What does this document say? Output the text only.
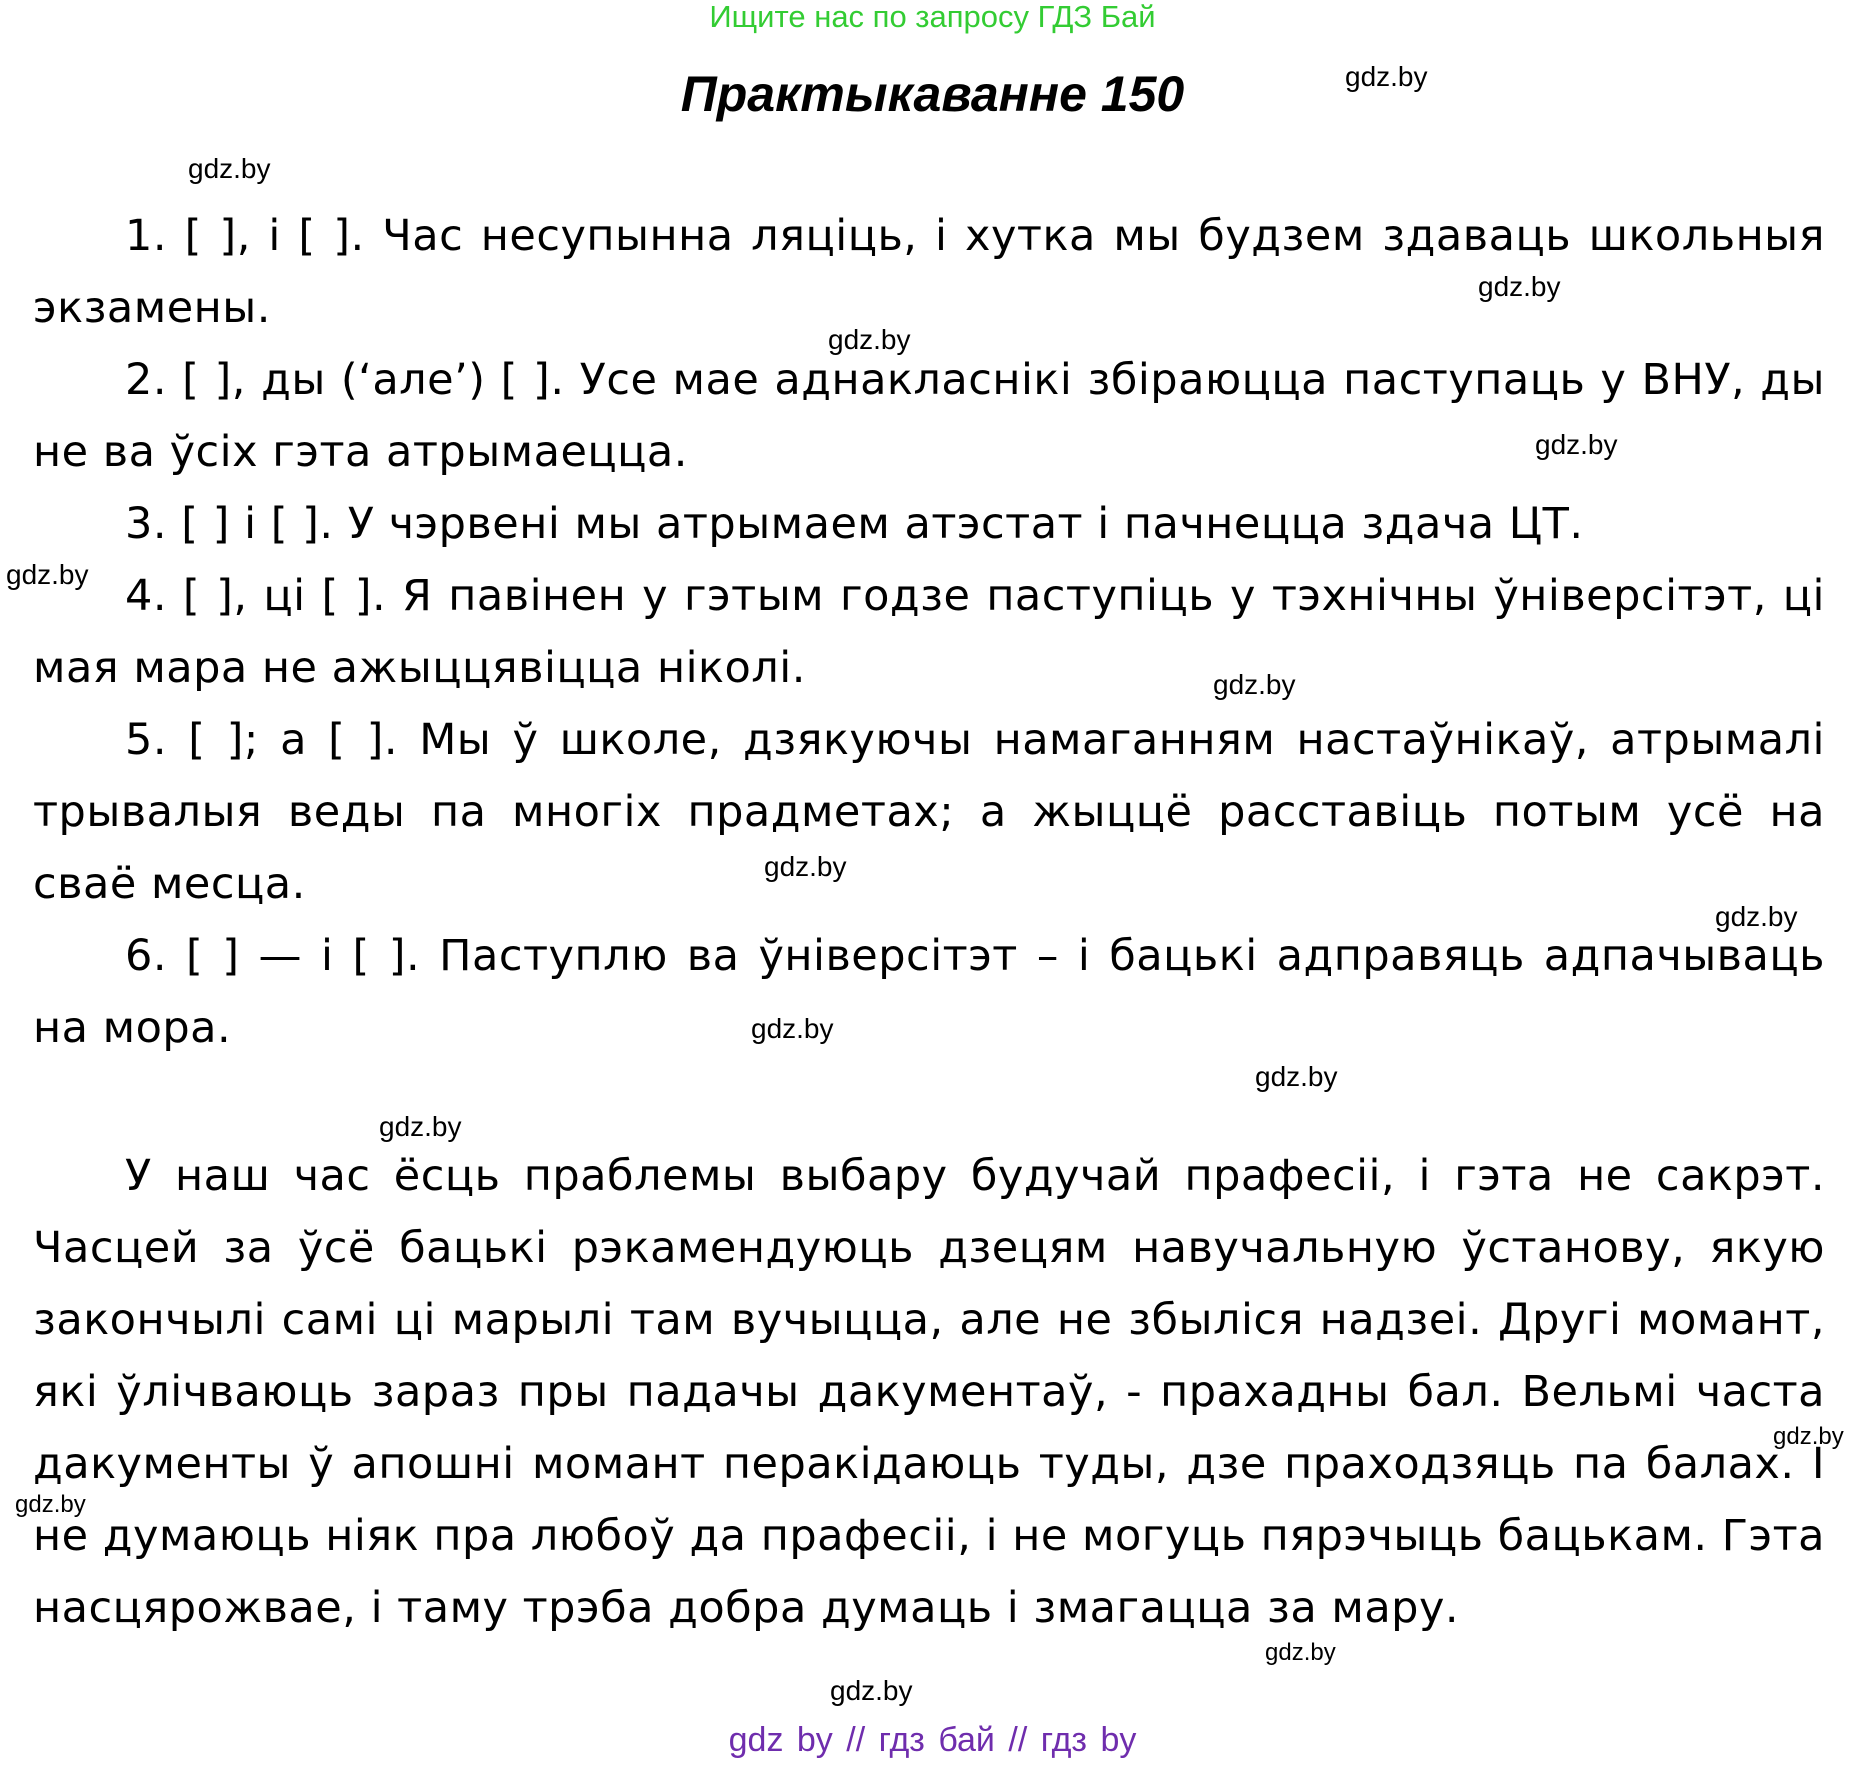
Ищите нас по запросу ГДЗ Бай
Практыкаванне 150

1. [ ], і [ ]. Час несупынна ляціць, і хутка мы будзем здаваць школьныя экзамены.

2. [ ], ды (‘але’) [ ]. Усе мае аднакласнікі збіраюцца паступаць у ВНУ, ды не ва ўсіх гэта атрымаецца.

3. [ ] і [ ]. У чэрвені мы атрымаем атэстат і пачнецца здача ЦТ.

4. [ ], ці [ ]. Я павінен у гэтым годзе паступіць у тэхнічны ўніверсітэт, ці мая мара не ажыццявіцца ніколі.

5. [ ]; а [ ]. Мы ў школе, дзякуючы намаганням настаўнікаў, атрымалі трывалыя веды па многіх прадметах; а жыццё расставіць потым усё на сваё месца.

6. [ ] — і [ ]. Паступлю ва ўніверсітэт – і бацькі адправяць адпачываць на мора.

У наш час ёсць праблемы выбару будучай прафесіі, і гэта не сакрэт. Часцей за ўсё бацькі рэкамендуюць дзецям навучальную ўстанову, якую закончылі самі ці марылі там вучыцца, але не збыліся надзеі. Другі момант, які ўлічваюць зараз пры падачы дакументаў, - прахадны бал. Вельмі часта дакументы ў апошні момант перакідаюць туды, дзе праходзяць па балах. І не думаюць ніяк пра любоў да прафесіі, і не могуць пярэчыць бацькам. Гэта насцярожвае, і таму трэба добра думаць і змагацца за мару.

gdz.by
gdz.by
gdz.by
gdz.by
gdz.by
gdz.by
gdz.by
gdz.by
gdz.by
gdz.by
gdz.by
gdz.by
gdz.by
gdz.by
gdz.by
gdz.by
gdz by // гдз бай // гдз by
